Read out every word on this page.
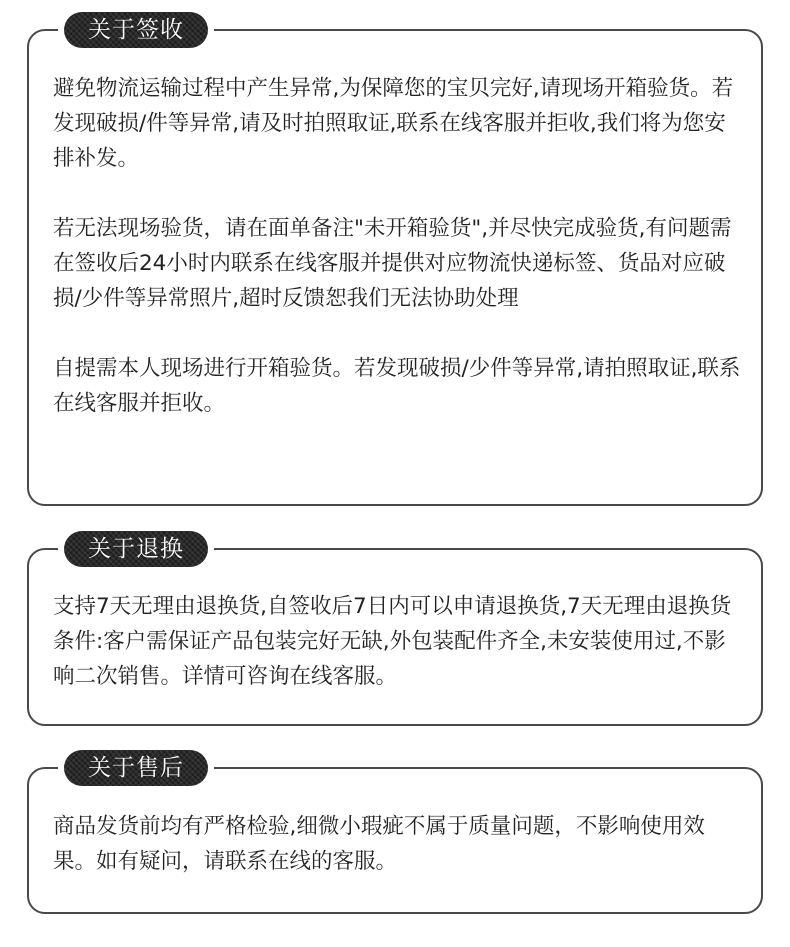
关于签收

避免物流运输过程中产生异常,为保障您的宝贝完好,请现场开箱验货。若发现破损/件等异常,请及时拍照取证,联系在线客服并拒收,我们将为您安排补发。

若无法现场验货，请在面单备注"未开箱验货",并尽快完成验货,有问题需在签收后24小时内联系在线客服并提供对应物流快递标签、货品对应破损/少件等异常照片,超时反馈恕我们无法协助处理

自提需本人现场进行开箱验货。若发现破损/少件等异常,请拍照取证,联系在线客服并拒收。

关于退换

支持7天无理由退换货,自签收后7日内可以申请退换货,7天无理由退换货条件:客户需保证产品包装完好无缺,外包装配件齐全,未安装使用过,不影响二次销售。详情可咨询在线客服。

关于售后

商品发货前均有严格检验,细微小瑕疵不属于质量问题，不影响使用效果。如有疑问，请联系在线的客服。
